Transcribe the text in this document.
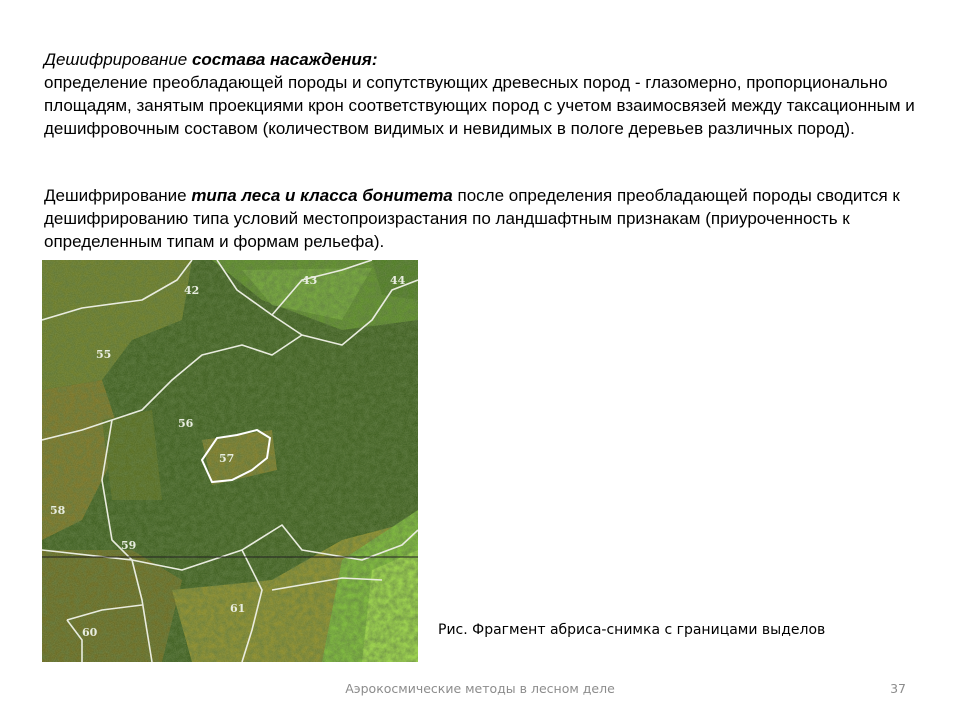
Дешифрирование состава насаждения:
определение преобладающей породы и сопутствующих древесных пород - глазомерно, пропорционально площадям, занятым проекциями крон соответствующих пород с учетом взаимосвязей между таксационным и дешифровочным составом (количеством видимых и невидимых в пологе деревьев различных пород).
Дешифрирование типа леса и класса бонитета после определения преобладающей породы сводится к дешифрированию типа условий местопроизрастания по ландшафтным признакам (приуроченность к определенным типам и формам рельефа).
42
43	44
55
56
57
58
59
60
61
Рис. Фрагмент абриса-снимка с границами выделов
Аэрокосмические методы в лесном деле	37
